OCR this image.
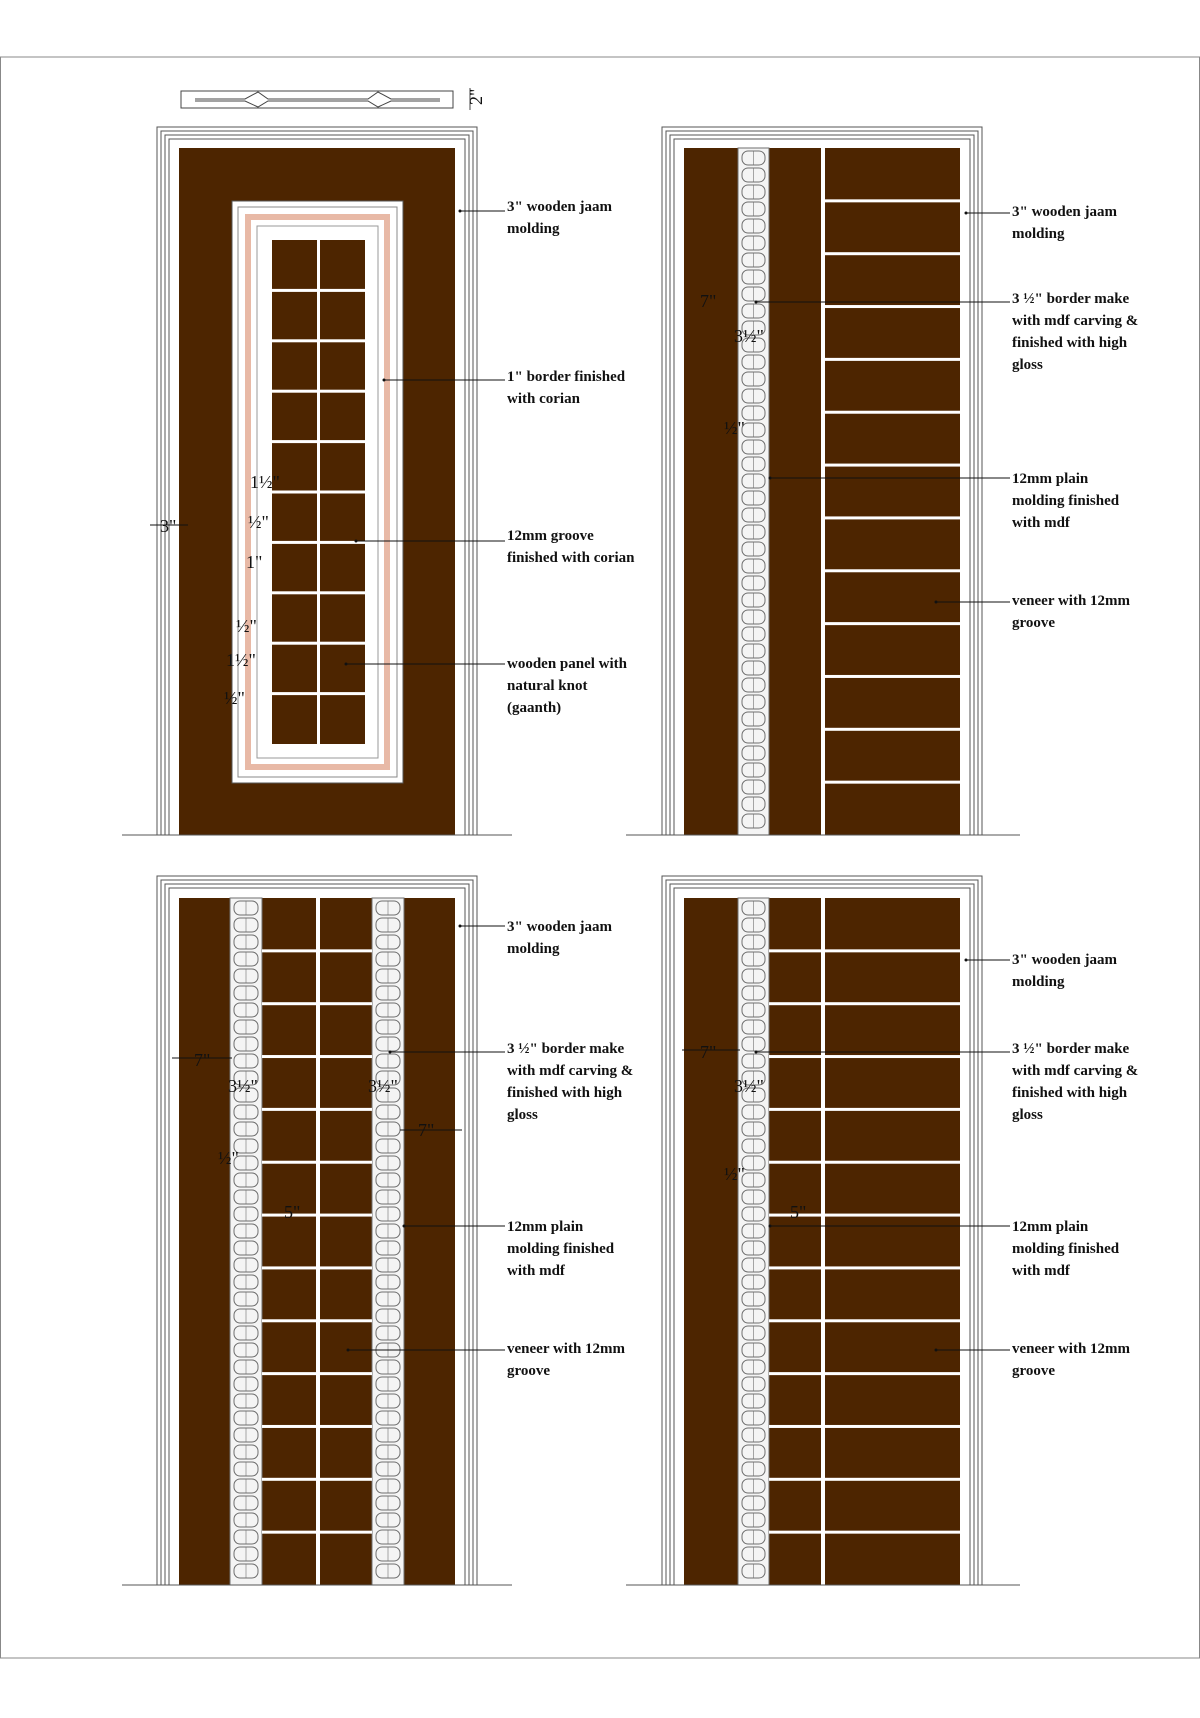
2"
3" wooden jaam
molding
1" border finished
with corian
12mm groove
finished with corian
wooden panel with
natural knot
(gaanth)
3"
1½"
½"
1"
½"
1½"
½"
3" wooden jaam
molding
3 ½" border make
with mdf carving &
finished with high
gloss
12mm plain
molding finished
with mdf
veneer with 12mm
groove
7"
3½"
½"
3" wooden jaam
molding
3 ½" border make
with mdf carving &
finished with high
gloss
12mm plain
molding finished
with mdf
veneer with 12mm
groove
7"
3½"
½"
3½"
7"
5"
3" wooden jaam
molding
3 ½" border make
with mdf carving &
finished with high
gloss
12mm plain
molding finished
with mdf
veneer with 12mm
groove
7"
3½"
½"
5"
